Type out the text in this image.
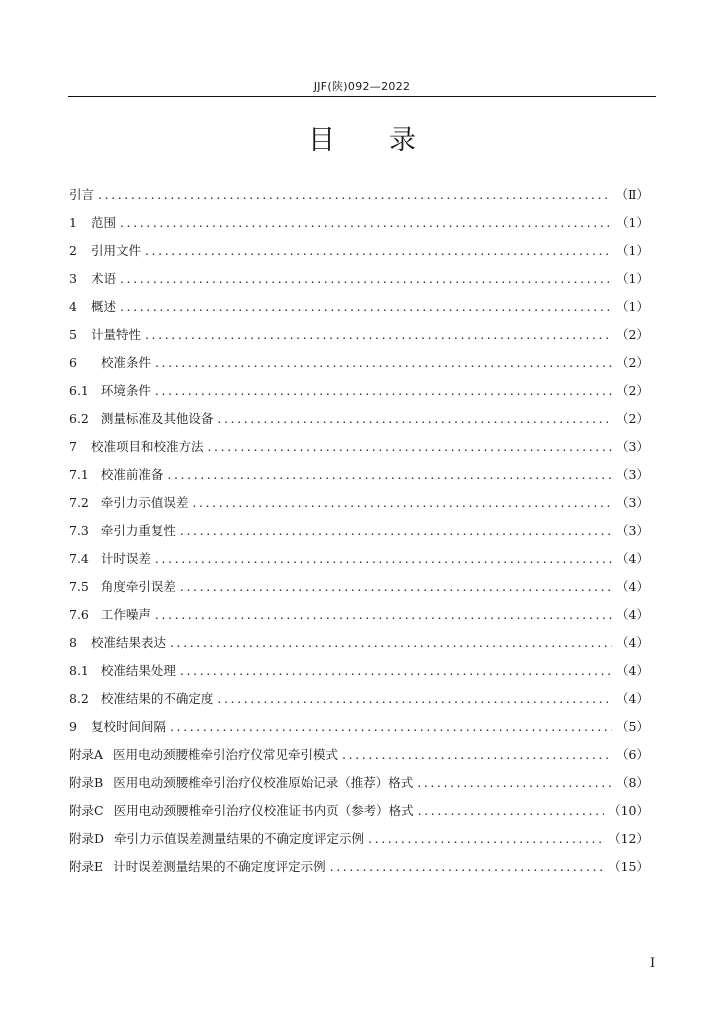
JJF(陕)092—2022
目录
引言 .....	（Ⅱ）
1 范围 .....	（1）
2 引用文件 .....	（1）
3 术语 .....	（1）
4 概述 .....	（1）
5 计量特性 .....	（2）
6 校准条件 .....	（2）
6.1 环境条件 .....	（2）
6.2 测量标准及其他设备 .....	（2）
7 校准项目和校准方法 .....	（3）
7.1 校准前准备 .....	（3）
7.2 牵引力示值误差 .....	（3）
7.3 牵引力重复性 .....	（3）
7.4 计时误差 .....	（4）
7.5 角度牵引误差 .....	（4）
7.6 工作噪声 .....	（4）
8 校准结果表达 .....	（4）
8.1 校准结果处理 .....	（4）
8.2 校准结果的不确定度 .....	（4）
9 复校时间间隔 .....	（5）
附录A 医用电动颈腰椎牵引治疗仪常见牵引模式 .....	（6）
附录B 医用电动颈腰椎牵引治疗仪校准原始记录（推荐）格式 .....	（8）
附录C 医用电动颈腰椎牵引治疗仪校准证书内页（参考）格式 .....	（10）
附录D 牵引力示值误差测量结果的不确定度评定示例 .....	（12）
附录E 计时误差测量结果的不确定度评定示例 .....	（15）
I
